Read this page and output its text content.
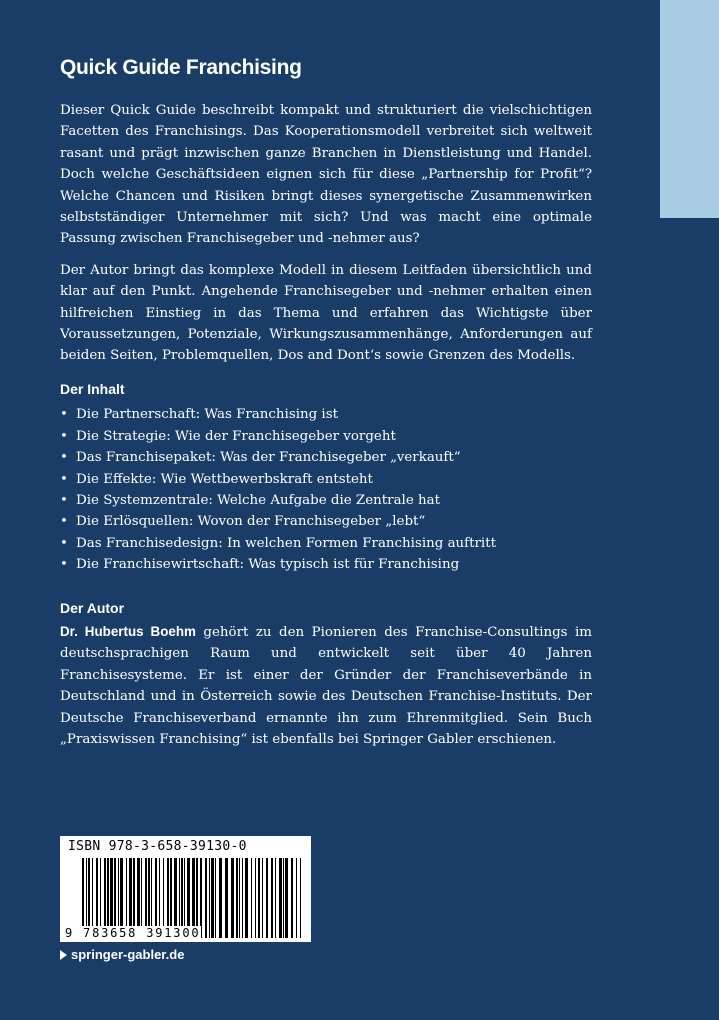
Quick Guide Franchising

Dieser Quick Guide beschreibt kompakt und strukturiert die vielschichtigen Facetten des Franchisings. Das Kooperationsmodell verbreitet sich weltweit rasant und prägt inzwischen ganze Branchen in Dienstleistung und Handel. Doch welche Geschäftsideen eignen sich für diese „Partnership for Profit“? Welche Chancen und Risiken bringt dieses synergetische Zusammenwirken selbstständiger Unternehmer mit sich? Und was macht eine optimale Passung zwischen Franchisegeber und -nehmer aus?

Der Autor bringt das komplexe Modell in diesem Leitfaden übersichtlich und klar auf den Punkt. Angehende Franchisegeber und -nehmer erhalten einen hilfreichen Einstieg in das Thema und erfahren das Wichtigste über Voraussetzungen, Potenziale, Wirkungszusammenhänge, Anforderungen auf beiden Seiten, Problemquellen, Dos and Dont‘s sowie Grenzen des Modells.

Der Inhalt
• Die Partnerschaft: Was Franchising ist
• Die Strategie: Wie der Franchisegeber vorgeht
• Das Franchisepaket: Was der Franchisegeber „verkauft“
• Die Effekte: Wie Wettbewerbskraft entsteht
• Die Systemzentrale: Welche Aufgabe die Zentrale hat
• Die Erlösquellen: Wovon der Franchisegeber „lebt“
• Das Franchisedesign: In welchen Formen Franchising auftritt
• Die Franchisewirtschaft: Was typisch ist für Franchising
Der Autor

Dr. Hubertus Boehm gehört zu den Pionieren des Franchise-Consultings im deutschsprachigen Raum und entwickelt seit über 40 Jahren Franchisesysteme. Er ist einer der Gründer der Franchiseverbände in Deutschland und in Österreich sowie des Deutschen Franchise-Instituts. Der Deutsche Franchiseverband ernannte ihn zum Ehrenmitglied. Sein Buch „Praxiswissen Franchising“ ist ebenfalls bei Springer Gabler erschienen.

ISBN 978-3-658-39130-0
9 783658 391300
springer-gabler.de
